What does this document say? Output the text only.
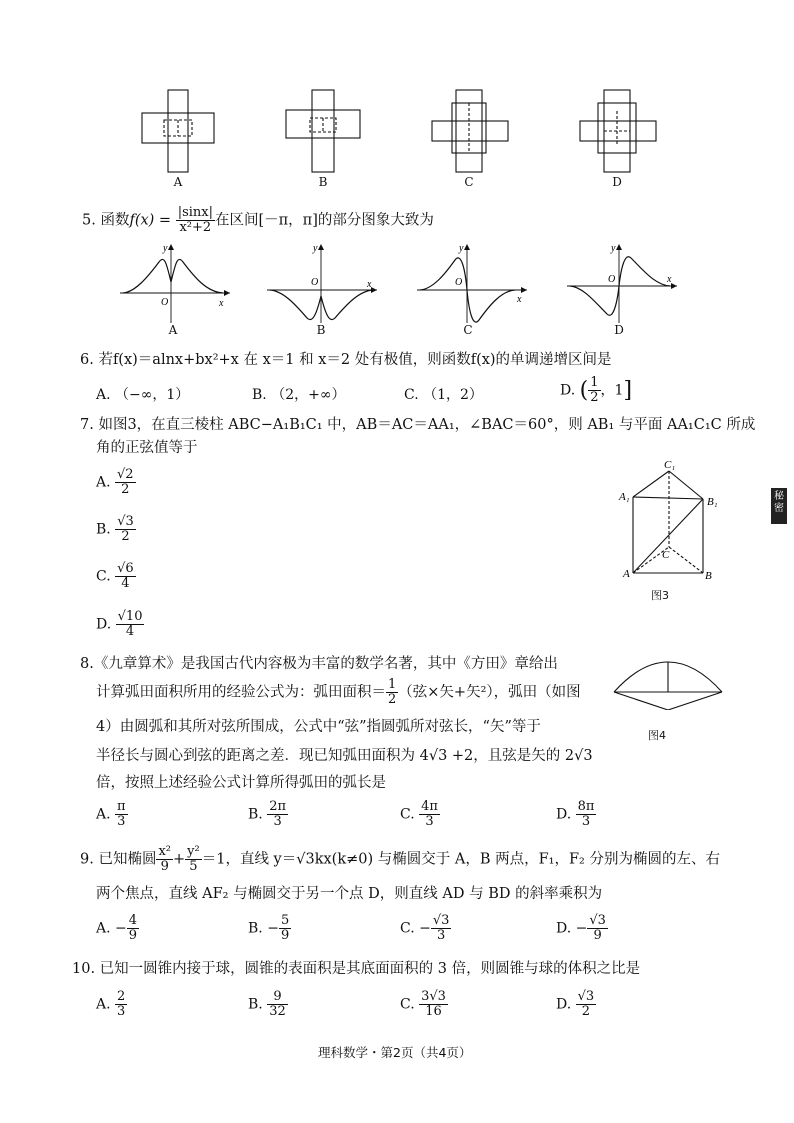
A	B	C	D
5. 函数$f(x) = \frac{|\sin x|}{\text{x²+2}}$ 在区间[－π，π]的部分图象大致为
x
y
O
x
y
O
x
y
O	x
y
O
A	B	C	D
6. 若f(x)＝alnx+bx²+x 在 x＝1 和 x＝2 处有极值，则函数f(x)的单调递增区间是
A. （−∞，1）	B. （2，+∞）	C. （1，2）	D. ( $\frac{1}{2}$ ，1]
7. 如图3，在直三棱柱 ABC−A₁B₁C₁ 中，AB＝AC＝AA₁，∠BAC＝60°，则 AB₁ 与平面 AA₁C₁C 所成
角的正弦值等于
A. $\frac{√2}{2}$
B. $\frac{√3}{2}$
C. $\frac{√6}{4}$
D. $\frac{√10}{4}$
C₁
A₁	B₁
C
A	B
图3
秘密
8.《九章算术》是我国古代内容极为丰富的数学名著，其中《方田》章给出
计算弧田面积所用的经验公式为：弧田面积＝ $\frac{1}{2}$ （弦×矢+矢²），弧田（如图
4）由圆弧和其所对弦所围成，公式中“弦”指圆弧所对弦长，“矢”等于
半径长与圆心到弦的距离之差．现已知弧田面积为 4√3 +2，且弦是矢的 2√3
倍，按照上述经验公式计算所得弧田的弧长是
图4
A. $\frac{\pi}{3}$	B. $\frac{2\pi}{3}$	C. $\frac{4\pi}{3}$	D. $\frac{8\pi}{3}$
9. 已知椭圆 $\frac{\text{x²}}{9} + \frac{\text{y²}}{5} =1$，直线 y＝√3kx(k≠0) 与椭圆交于 A，B 两点，F₁，F₂ 分别为椭圆的左、右
两个焦点，直线 AF₂ 与椭圆交于另一个点 D，则直线 AD 与 BD 的斜率乘积为
A. − $\frac{4}{9}$	B. − $\frac{5}{9}$	C. − $\frac{√3}{3}$	D. − $\frac{√3}{9}$
10. 已知一圆锥内接于球，圆锥的表面积是其底面面积的 3 倍，则圆锥与球的体积之比是
A. $\frac{2}{3}$	B. $\frac{9}{32}$	C. $\frac{3√3}{16}$	D. $\frac{√3}{2}$
理科数学・第2页（共4页）
